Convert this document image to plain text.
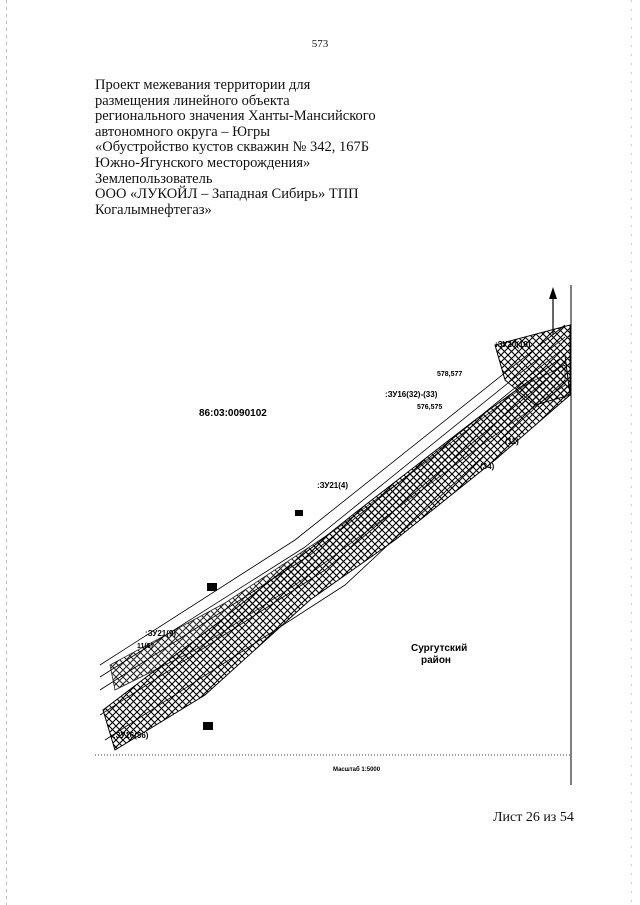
573
Проект межевания территории для
размещения линейного объекта
регионального значения Ханты-Мансийского
автономного округа – Югры
«Обустройство кустов скважин № 342, 167Б
Южно-Ягунского месторождения»
Землепользователь
ООО «ЛУКОЙЛ – Западная Сибирь» ТПП
Когалымнефтегаз»
86:03:0090102
:ЗУ20(10)
578,577
:ЗУ16(32)-(33)
576,575
(11)
(34)
:ЗУ21(4)
:ЗУ21(9)
11(5)
:ЗУ16(36)
Сургутский
район
Масштаб 1:5000
Лист 26 из 54
